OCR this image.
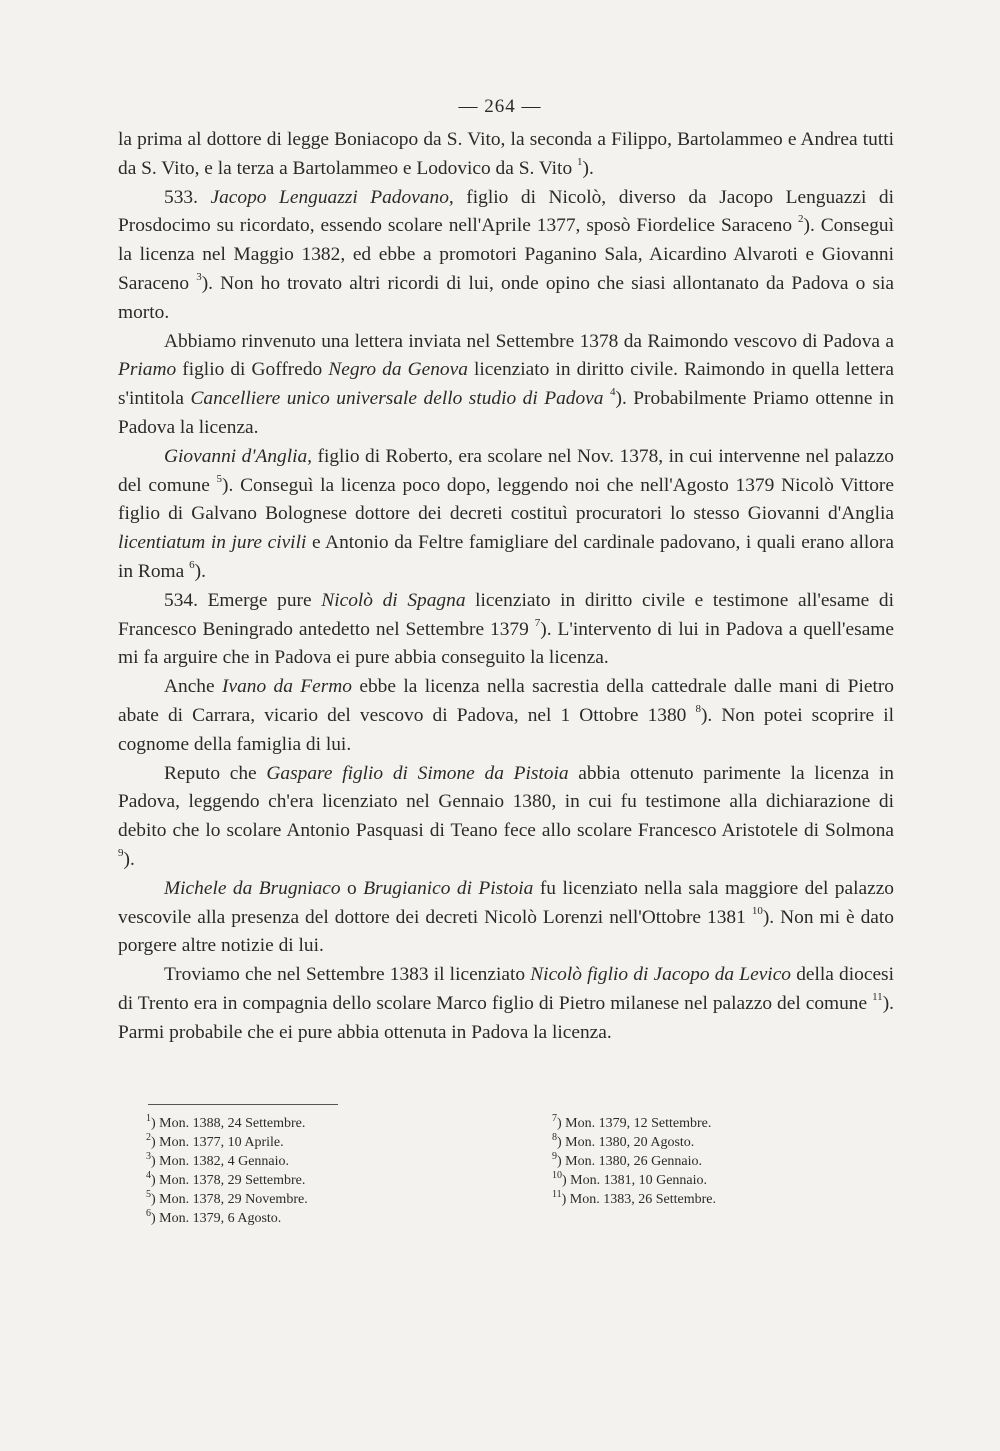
— 264 —

la prima al dottore di legge Boniacopo da S. Vito, la seconda a Filippo, Bartolammeo e Andrea tutti da S. Vito, e la terza a Bartolammeo e Lodovico da S. Vito $^1$).

533. Jacopo Lenguazzi Padovano, figlio di Nicolò, diverso da Jacopo Lenguazzi di Prosdocimo su ricordato, essendo scolare nell'Aprile 1377, sposò Fiordelice Saraceno $^2$). Conseguì la licenza nel Maggio 1382, ed ebbe a promotori Paganino Sala, Aicardino Alvaroti e Giovanni Saraceno $^3$). Non ho trovato altri ricordi di lui, onde opino che siasi allontanato da Padova o sia morto.

Abbiamo rinvenuto una lettera inviata nel Settembre 1378 da Raimondo vescovo di Padova a Priamo figlio di Goffredo Negro da Genova licenziato in diritto civile. Raimondo in quella lettera s'intitola Cancelliere unico universale dello studio di Padova $^4$). Probabilmente Priamo ottenne in Padova la licenza.

Giovanni d'Anglia, figlio di Roberto, era scolare nel Nov. 1378, in cui intervenne nel palazzo del comune $^5$). Conseguì la licenza poco dopo, leggendo noi che nell'Agosto 1379 Nicolò Vittore figlio di Galvano Bolognese dottore dei decreti costituì procuratori lo stesso Giovanni d'Anglia licentiatum in jure civili e Antonio da Feltre famigliare del cardinale padovano, i quali erano allora in Roma $^6$).

534. Emerge pure Nicolò di Spagna licenziato in diritto civile e testimone all'esame di Francesco Beningrado antedetto nel Settembre 1379 $^7$). L'intervento di lui in Padova a quell'esame mi fa arguire che in Padova ei pure abbia conseguito la licenza.

Anche Ivano da Fermo ebbe la licenza nella sacrestia della cattedrale dalle mani di Pietro abate di Carrara, vicario del vescovo di Padova, nel 1 Ottobre 1380 $^8$). Non potei scoprire il cognome della famiglia di lui.

Reputo che Gaspare figlio di Simone da Pistoia abbia ottenuto parimente la licenza in Padova, leggendo ch'era licenziato nel Gennaio 1380, in cui fu testimone alla dichiarazione di debito che lo scolare Antonio Pasquasi di Teano fece allo scolare Francesco Aristotele di Solmona $^9$).

Michele da Brugniaco o Brugianico di Pistoia fu licenziato nella sala maggiore del palazzo vescovile alla presenza del dottore dei decreti Nicolò Lorenzi nell'Ottobre 1381 $^{10}$). Non mi è dato porgere altre notizie di lui.

Troviamo che nel Settembre 1383 il licenziato Nicolò figlio di Jacopo da Levico della diocesi di Trento era in compagnia dello scolare Marco figlio di Pietro milanese nel palazzo del comune $^{11}$). Parmi probabile che ei pure abbia ottenuta in Padova la licenza.

$^1$) Mon. 1388, 24 Settembre.
$^2$) Mon. 1377, 10 Aprile.
$^3$) Mon. 1382, 4 Gennaio.
$^4$) Mon. 1378, 29 Settembre.
$^5$) Mon. 1378, 29 Novembre.
$^6$) Mon. 1379, 6 Agosto.
$^7$) Mon. 1379, 12 Settembre.
$^8$) Mon. 1380, 20 Agosto.
$^9$) Mon. 1380, 26 Gennaio.
$^{10}$) Mon. 1381, 10 Gennaio.
$^{11}$) Mon. 1383, 26 Settembre.
